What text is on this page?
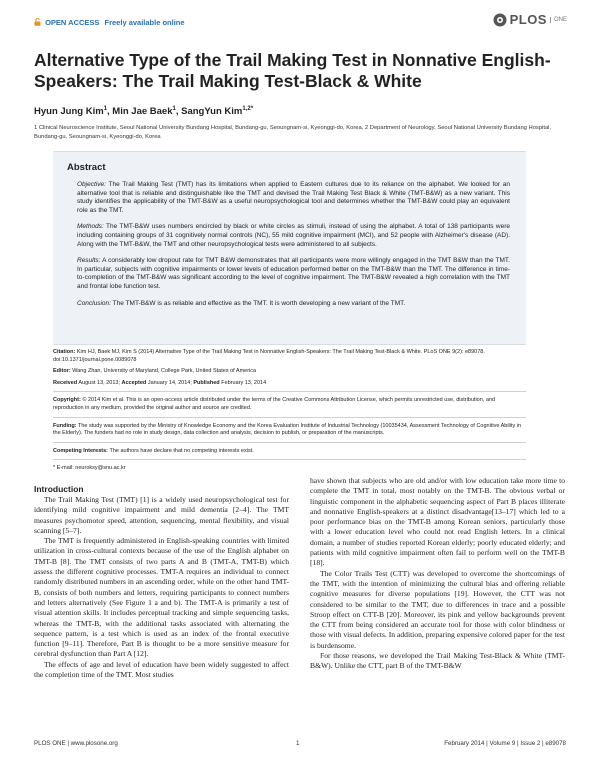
OPEN ACCESS Freely available online	PLOS	ONE
Alternative Type of the Trail Making Test in Nonnative English-Speakers: The Trail Making Test-Black & White
Hyun Jung Kim$^1$, Min Jae Baek$^1$, SangYun Kim$^{1,2*}$
1 Clinical Neuroscience Institute, Seoul National University Bundang Hospital, Bundang-gu, Seoungnam-si, Kyeonggi-do, Korea, 2 Department of Neurology, Seoul National University Bundang Hospital, Bundang-gu, Seoungnam-si, Kyeonggi-do, Korea
Abstract

Objective: The Trail Making Test (TMT) has its limitations when applied to Eastern cultures due to its reliance on the alphabet. We looked for an alternative tool that is reliable and distinguishable like the TMT and devised the Trail Making Test Black & White (TMT-B&W) as a new variant. This study identifies the applicability of the TMT-B&W as a useful neuropsychological tool and determines whether the TMT-B&W could play an equivalent role as the TMT.

Methods: The TMT-B&W uses numbers encircled by black or white circles as stimuli, instead of using the alphabet. A total of 138 participants were including containing groups of 31 cognitively normal controls (NC), 55 mild cognitive impairment (MCI), and 52 people with Alzheimer's disease (AD). Along with the TMT-B&W, the TMT and other neuropsychological tests were administered to all subjects.

Results: A considerably low dropout rate for TMT B&W demonstrates that all participants were more willingly engaged in the TMT B&W than the TMT. In particular, subjects with cognitive impairments or lower levels of education performed better on the TMT-B&W than the TMT. The difference in time-to-completion of the TMT-B&W was significant according to the level of cognitive impairment. The TMT-B&W revealed a high correlation with the TMT and frontal lobe function test.

Conclusion: The TMT-B&W is as reliable and effective as the TMT. It is worth developing a new variant of the TMT.

Citation: Kim HJ, Baek MJ, Kim S (2014) Alternative Type of the Trail Making Test in Nonnative English-Speakers: The Trail Making Test-Black & White. PLoS ONE 9(2): e89078. doi:10.1371/journal.pone.0089078
Editor: Wang Zhan, University of Maryland, College Park, United States of America
Received August 13, 2013; Accepted January 14, 2014; Published February 13, 2014
Copyright: © 2014 Kim et al. This is an open-access article distributed under the terms of the Creative Commons Attribution License, which permits unrestricted use, distribution, and reproduction in any medium, provided the original author and source are credited.
Funding: The study was supported by the Ministry of Knowledge Economy and the Korea Evaluation Institute of Industrial Technology (10035434, Assessment Technology of Cognitive Ability in the Elderly). The funders had no role in study design, data collection and analysis, decision to publish, or preparation of the manuscripts.
Competing Interests: The authors have declare that no competing interests exist.
* E-mail: neuroksy@snu.ac.kr
Introduction

The Trail Making Test (TMT) [1] is a widely used neuropsychological test for identifying mild cognitive impairment and mild dementia [2–4]. The TMT measures psychomotor speed, attention, sequencing, mental flexibility, and visual scanning [5–7].

The TMT is frequently administered in English-speaking countries with limited utilization in cross-cultural contexts because of the use of the English alphabet on TMT-B [8]. The TMT consists of two parts A and B (TMT-A, TMT-B) which assess the different cognitive processes. TMT-A requires an individual to connect randomly distributed numbers in an ascending order, while on the other hand TMT-B, consists of both numbers and letters, requiring participants to connect numbers and letters alternatively (See Figure 1 a and b). The TMT-A is primarily a test of visual attention skills. It includes perceptual tracking and simple sequencing tasks, whereas the TMT-B, with the additional tasks associated with alternating the sequence pattern, is a test which is used as an index of the frontal executive function [9–11]. Therefore, Part B is thought to be a more sensitive measure for cerebral dysfunction than Part A [12].

The effects of age and level of education have been widely suggested to affect the completion time of the TMT. Most studies

have shown that subjects who are old and/or with low education take more time to complete the TMT in total, most notably on the TMT-B. The obvious verbal or linguistic component in the alphabetic sequencing aspect of Part B places illiterate and nonnative English-speakers at a distinct disadvantage[13–17] which led to a poor performance bias on the TMT-B among Korean seniors, particularly those with a lower education level who could not read English letters. In a clinical domain, a number of studies reported Korean elderly; poorly educated elderly; and patients with mild cognitive impairment often fail to perform well on the TMT-B [18].

The Color Trails Test (CTT) was developed to overcome the shortcomings of the TMT, with the intention of minimizing the cultural bias and offering reliable cognitive measures for diverse populations [19]. However, the CTT was not considered to be similar to the TMT, due to differences in trace and a possible Stroop effect on CTT-B [20]. Moreover, its pink and yellow backgrounds prevent the CTT from being considered an accurate tool for those with color blindness or those with visual defects. In addition, preparing expensive colored paper for the test is burdensome.

For those reasons, we developed the Trail Making Test-Black & White (TMT-B&W). Unlike the CTT, part B of the TMT-B&W

PLOS ONE | www.plosone.org	1	February 2014 | Volume 9 | Issue 2 | e89078
